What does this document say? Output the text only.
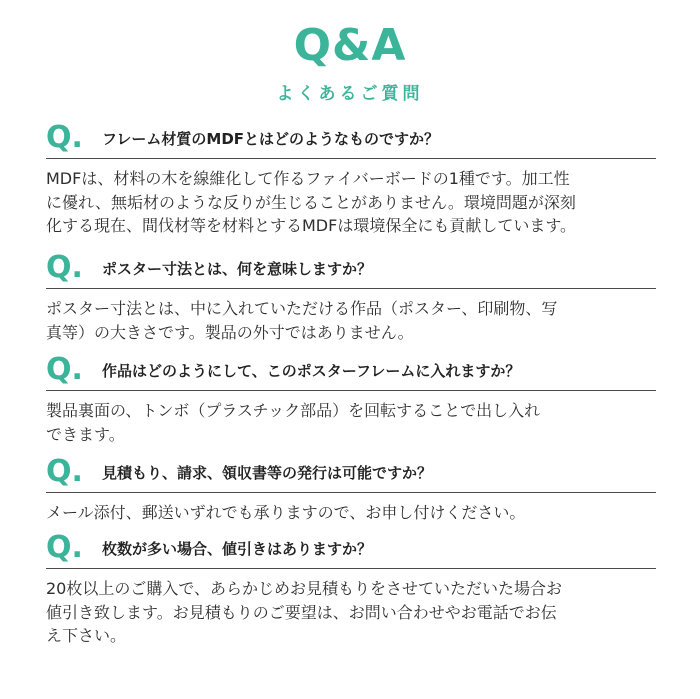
Q&A
よくあるご質問
Q. フレーム材質のMDFとはどのようなものですか？
MDFは、材料の木を線維化して作るファイバーボードの1種です。加工性
に優れ、無垢材のような反りが生じることがありません。環境問題が深刻
化する現在、間伐材等を材料とするMDFは環境保全にも貢献しています。
Q. ポスター寸法とは、何を意味しますか？
ポスター寸法とは、中に入れていただける作品（ポスター、印刷物、写
真等）の大きさです。製品の外寸ではありません。
Q. 作品はどのようにして、このポスターフレームに入れますか？
製品裏面の、トンボ（プラスチック部品）を回転することで出し入れ
できます。
Q. 見積もり、請求、領収書等の発行は可能ですか？
メール添付、郵送いずれでも承りますので、お申し付けください。
Q. 枚数が多い場合、値引きはありますか？
20枚以上のご購入で、あらかじめお見積もりをさせていただいた場合お
値引き致します。お見積もりのご要望は、お問い合わせやお電話でお伝
え下さい。
